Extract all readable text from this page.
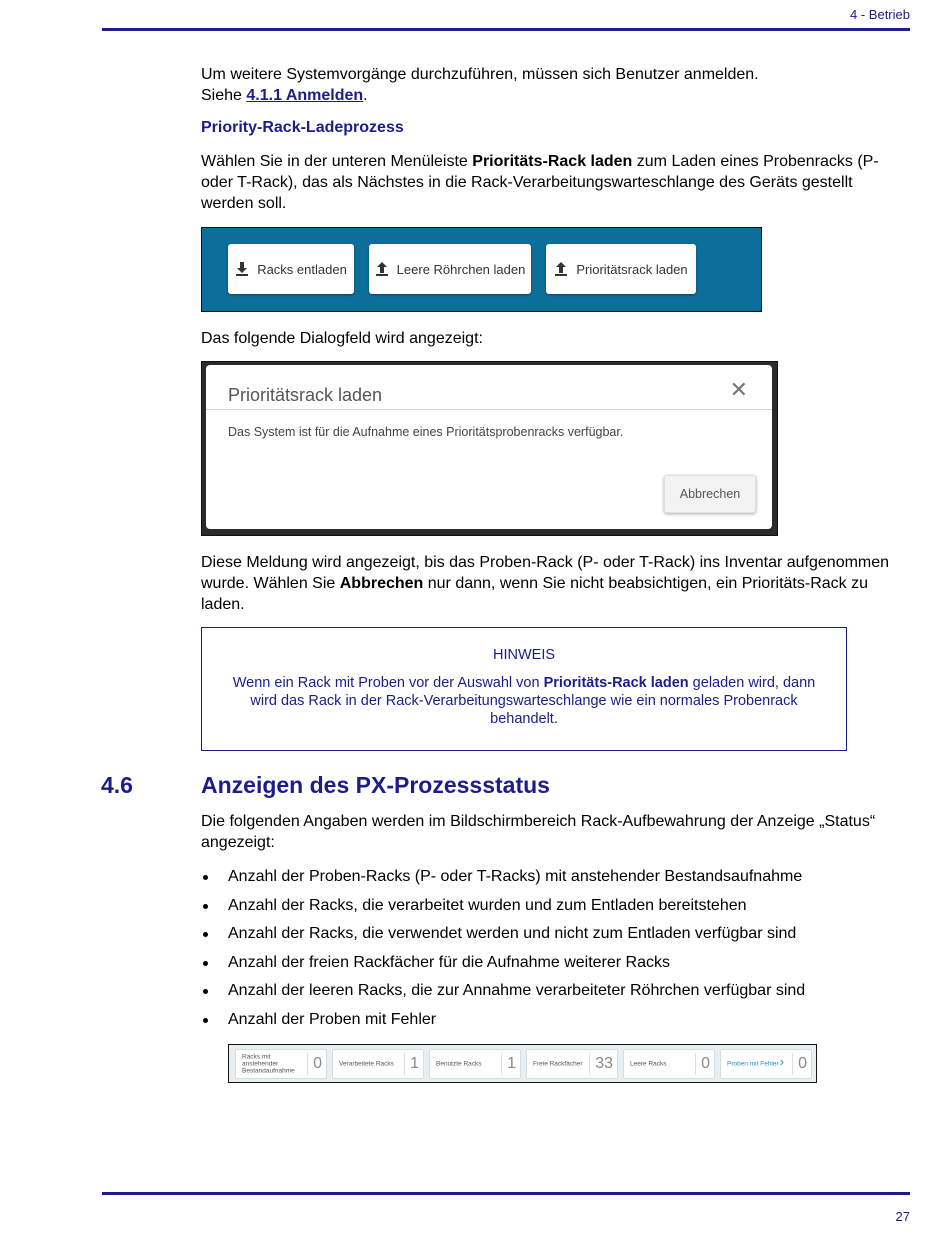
4 - Betrieb
Um weitere Systemvorgänge durchzuführen, müssen sich Benutzer anmelden.
Siehe 4.1.1 Anmelden.
Priority-Rack-Ladeprozess
Wählen Sie in der unteren Menüleiste Prioritäts-Rack laden zum Laden eines Probenracks (P- oder T-Rack), das als Nächstes in die Rack-Verarbeitungswarteschlange des Geräts gestellt werden soll.
Racks entladen	Leere Röhrchen laden	Prioritätsrack laden
Das folgende Dialogfeld wird angezeigt:
Prioritätsrack laden	✕
Das System ist für die Aufnahme eines Prioritätsprobenracks verfügbar.
Abbrechen
Diese Meldung wird angezeigt, bis das Proben-Rack (P- oder T-Rack) ins Inventar aufgenommen wurde. Wählen Sie Abbrechen nur dann, wenn Sie nicht beabsichtigen, ein Prioritäts-Rack zu laden.
HINWEIS
Wenn ein Rack mit Proben vor der Auswahl von Prioritäts-Rack laden geladen wird, dann wird das Rack in der Rack-Verarbeitungswarteschlange wie ein normales Probenrack behandelt.
4.6	Anzeigen des PX-Prozessstatus
Die folgenden Angaben werden im Bildschirmbereich Rack-Aufbewahrung der Anzeige „Status“ angezeigt:
Anzahl der Proben-Racks (P- oder T-Racks) mit anstehender Bestandsaufnahme
Anzahl der Racks, die verarbeitet wurden und zum Entladen bereitstehen
Anzahl der Racks, die verwendet werden und nicht zum Entladen verfügbar sind
Anzahl der freien Rackfächer für die Aufnahme weiterer Racks
Anzahl der leeren Racks, die zur Annahme verarbeiteter Röhrchen verfügbar sind
Anzahl der Proben mit Fehler
Racks mit anstehender Bestandaufnahme	0	Verarbeitete Racks	1	Benutzte Racks	1	Freie Rackfächer 33	Leere Racks	0	Proben mit Fehler › 0
27
